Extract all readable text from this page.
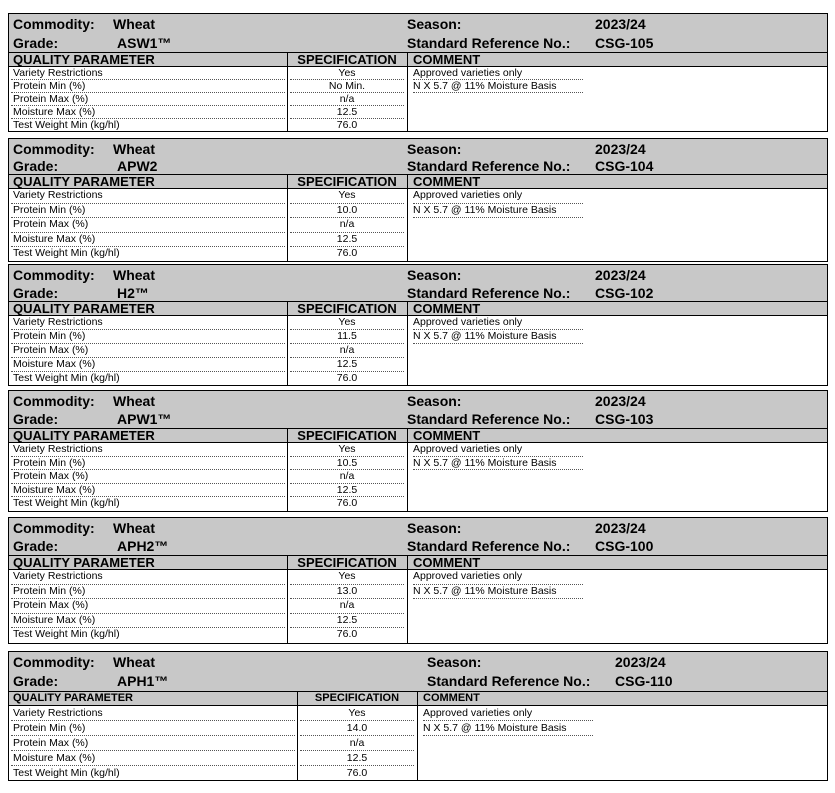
Commodity: Wheat
Grade:	ASW1™
Season:	2023/24
Standard Reference No.: CSG-105
QUALITY PARAMETER	SPECIFICATION	COMMENT
Variety Restrictions	Yes	Approved varieties only
Protein Min (%)	No Min.	N X 5.7 @ 11% Moisture Basis
Protein Max (%)	n/a
Moisture Max (%)	12.5
Test Weight Min (kg/hl)	76.0
Commodity: Wheat
Grade:	APW2
Season:	2023/24
Standard Reference No.: CSG-104
QUALITY PARAMETER	SPECIFICATION	COMMENT
Variety Restrictions	Yes	Approved varieties only
Protein Min (%)	10.0	N X 5.7 @ 11% Moisture Basis
Protein Max (%)	n/a
Moisture Max (%)	12.5
Test Weight Min (kg/hl)	76.0
Commodity: Wheat
Grade:	H2™
Season:	2023/24
Standard Reference No.: CSG-102
QUALITY PARAMETER	SPECIFICATION	COMMENT
Variety Restrictions	Yes	Approved varieties only
Protein Min (%)	11.5	N X 5.7 @ 11% Moisture Basis
Protein Max (%)	n/a
Moisture Max (%)	12.5
Test Weight Min (kg/hl)	76.0
Commodity: Wheat
Grade:	APW1™
Season:	2023/24
Standard Reference No.: CSG-103
QUALITY PARAMETER	SPECIFICATION	COMMENT
Variety Restrictions	Yes	Approved varieties only
Protein Min (%)	10.5	N X 5.7 @ 11% Moisture Basis
Protein Max (%)	n/a
Moisture Max (%)	12.5
Test Weight Min (kg/hl)	76.0
Commodity: Wheat
Grade:	APH2™
Season:	2023/24
Standard Reference No.: CSG-100
QUALITY PARAMETER	SPECIFICATION	COMMENT
Variety Restrictions	Yes	Approved varieties only
Protein Min (%)	13.0	N X 5.7 @ 11% Moisture Basis
Protein Max (%)	n/a
Moisture Max (%)	12.5
Test Weight Min (kg/hl)	76.0
Commodity: Wheat
Grade:	APH1™
Season:	2023/24
Standard Reference No.: CSG-110
QUALITY PARAMETER	SPECIFICATION	COMMENT
Variety Restrictions	Yes	Approved varieties only
Protein Min (%)	14.0	N X 5.7 @ 11% Moisture Basis
Protein Max (%)	n/a
Moisture Max (%)	12.5
Test Weight Min (kg/hl)	76.0
